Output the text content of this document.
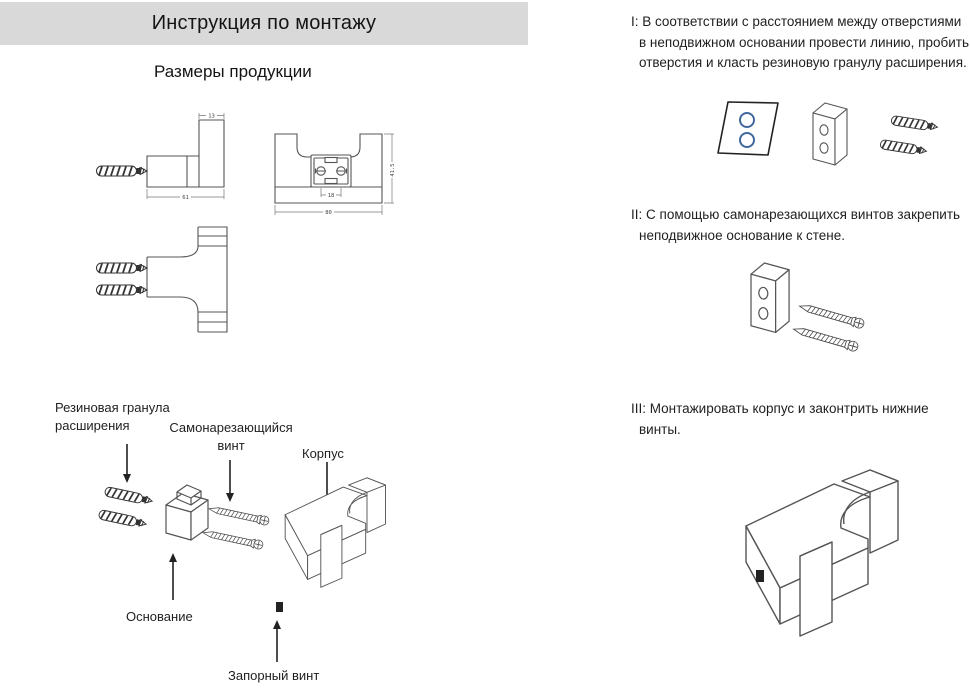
Инструкция по монтажу
Размеры продукции
13
61
41.5
18
80
Резиновая гранула расширения	Самонарезающийся винт
Корпус
Основание
Запорный винт
I: В соответствии с расстоянием между отверстиями в неподвижном основании провести линию, пробить отверстия и класть резиновую гранулу расширения.
II: С помощью самонарезающихся винтов закрепить неподвижное основание к стене.
III: Монтажировать корпус и законтрить нижние винты.
